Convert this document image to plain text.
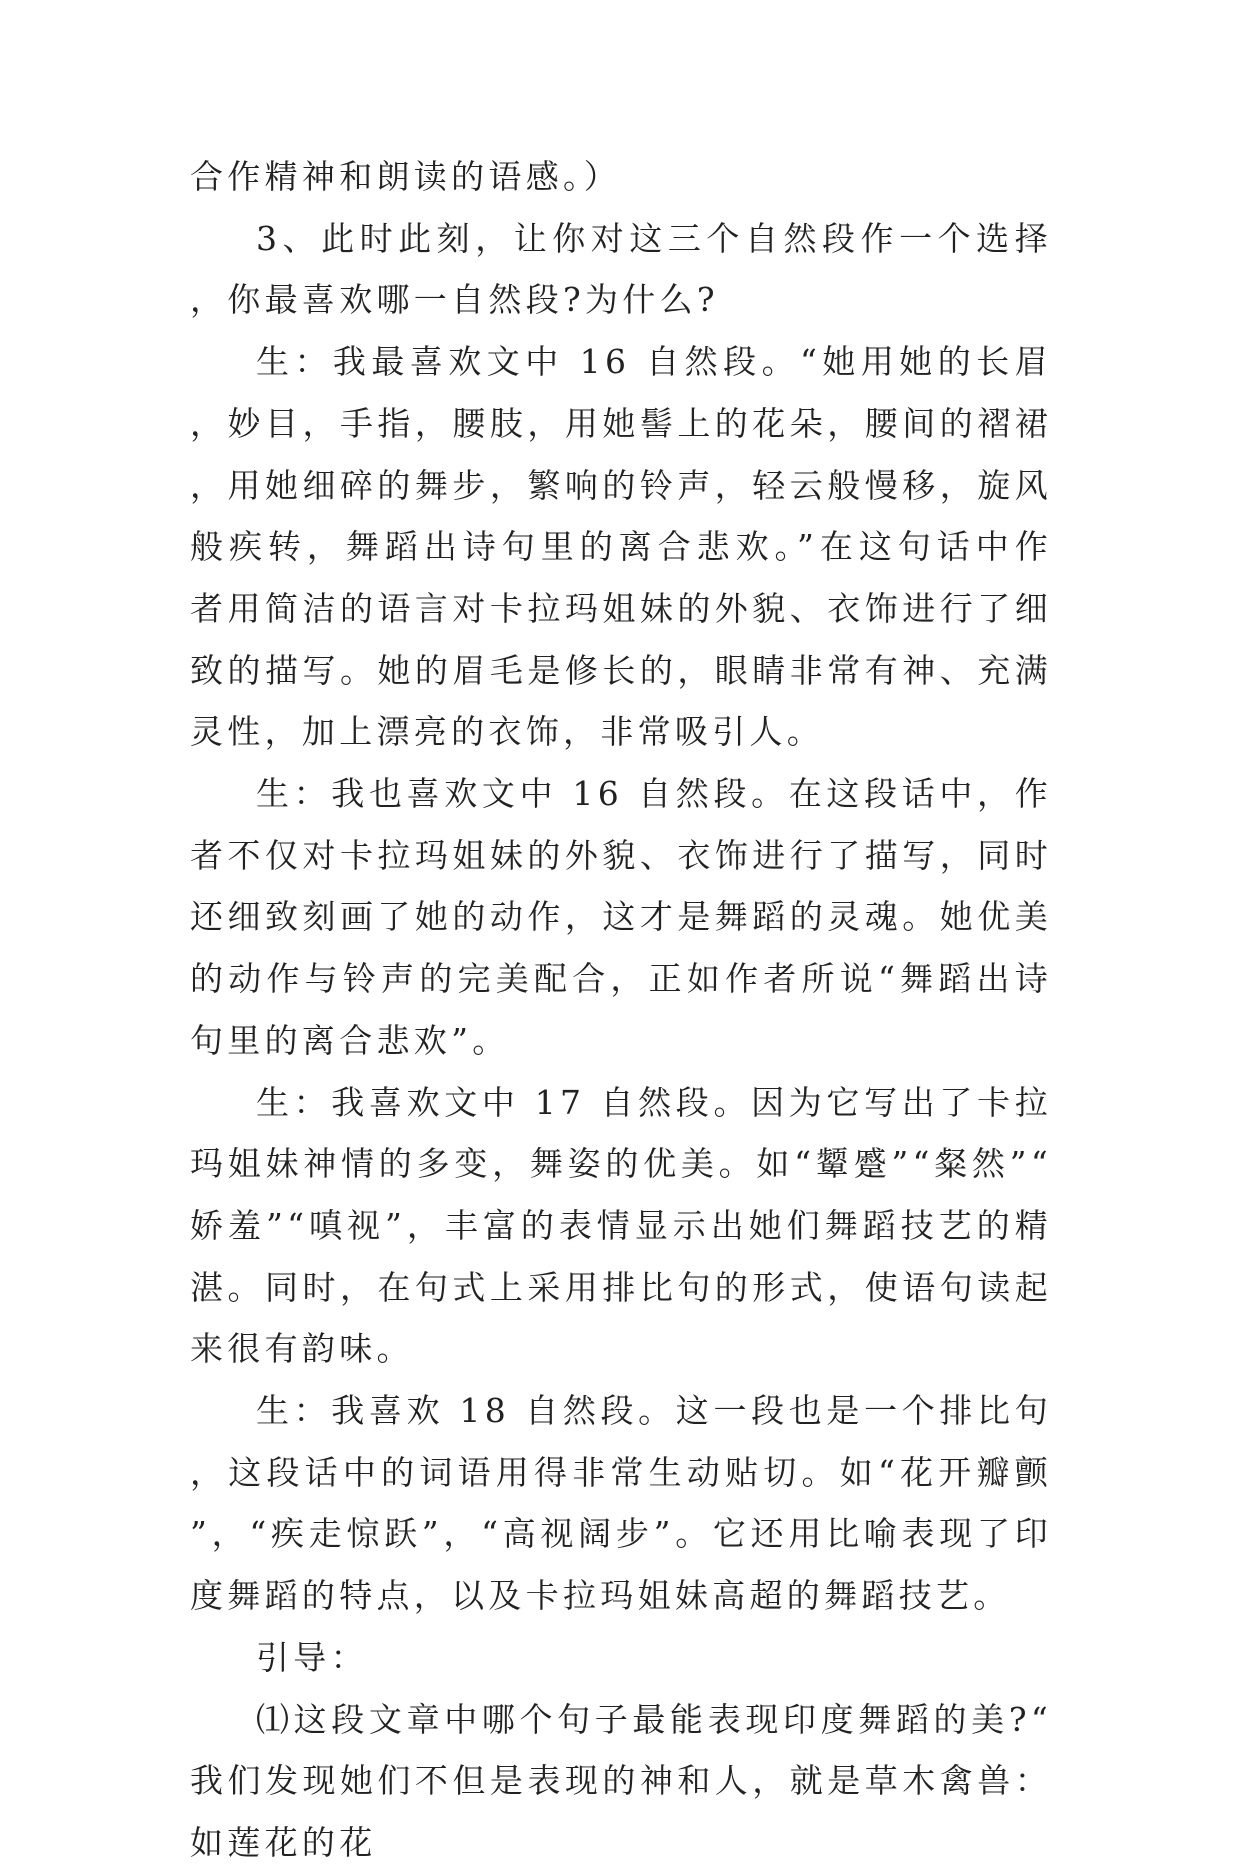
合作精神和朗读的语感。）

3、此时此刻，让你对这三个自然段作一个选择，你最喜欢哪一自然段?为什么?

生：我最喜欢文中 16 自然段。“她用她的长眉，妙目，手指，腰肢，用她髻上的花朵，腰间的褶裙，用她细碎的舞步，繁响的铃声，轻云般慢移，旋风般疾转，舞蹈出诗句里的离合悲欢。”在这句话中作者用简洁的语言对卡拉玛姐妹的外貌、衣饰进行了细致的描写。她的眉毛是修长的，眼睛非常有神、充满灵性，加上漂亮的衣饰，非常吸引人。

生：我也喜欢文中 16 自然段。在这段话中，作者不仅对卡拉玛姐妹的外貌、衣饰进行了描写，同时还细致刻画了她的动作，这才是舞蹈的灵魂。她优美的动作与铃声的完美配合，正如作者所说“舞蹈出诗句里的离合悲欢”。

生：我喜欢文中 17 自然段。因为它写出了卡拉玛姐妹神情的多变，舞姿的优美。如“颦蹙”“粲然”“娇羞”“嗔视”，丰富的表情显示出她们舞蹈技艺的精湛。同时，在句式上采用排比句的形式，使语句读起来很有韵味。

生：我喜欢 18 自然段。这一段也是一个排比句，这段话中的词语用得非常生动贴切。如“花开瓣颤”，“疾走惊跃”，“高视阔步”。它还用比喻表现了印度舞蹈的特点，以及卡拉玛姐妹高超的舞蹈技艺。

引导：

⑴这段文章中哪个句子最能表现印度舞蹈的美?“我们发现她们不但是表现的神和人，就是草木禽兽：如莲花的花
